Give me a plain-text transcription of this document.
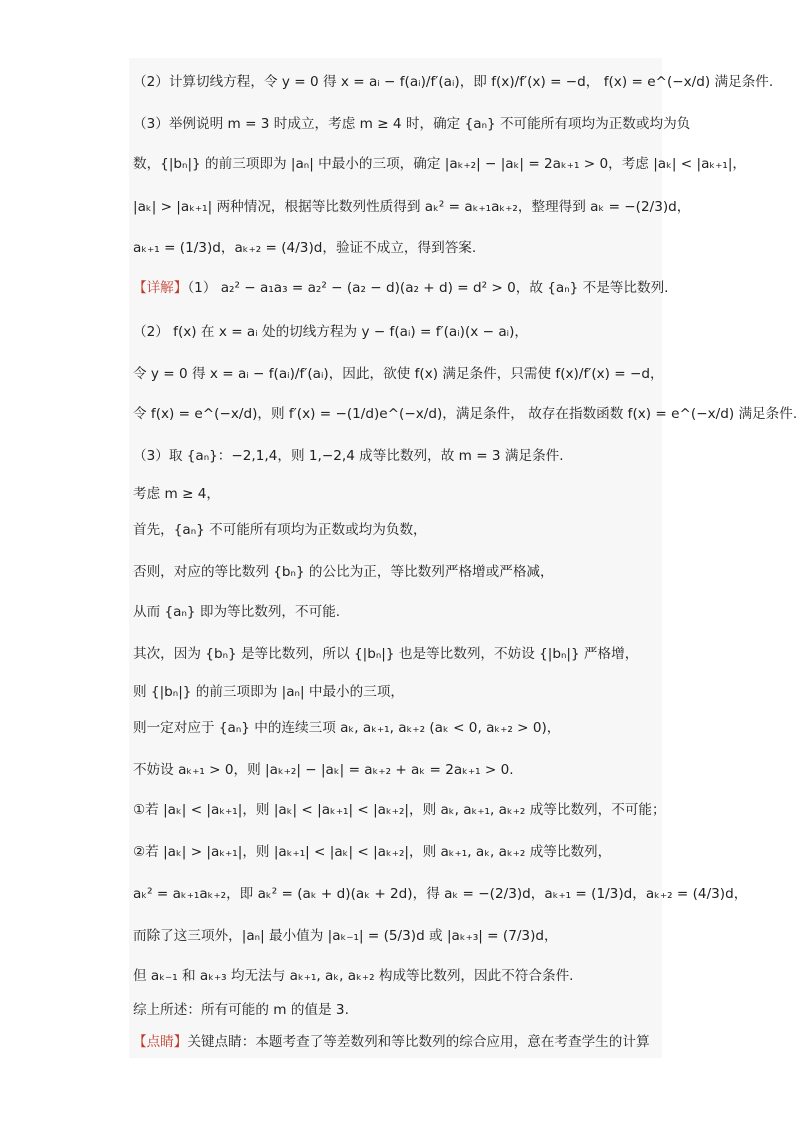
（2）计算切线方程，令 y = 0 得 x = aᵢ − f(aᵢ)/f′(aᵢ)，即 f(x)/f′(x) = −d， f(x) = e^(−x/d) 满足条件.
（3）举例说明 m = 3 时成立，考虑 m ≥ 4 时，确定 {aₙ} 不可能所有项均为正数或均为负
数，{|bₙ|} 的前三项即为 |aₙ| 中最小的三项，确定 |aₖ₊₂| − |aₖ| = 2aₖ₊₁ > 0，考虑 |aₖ| < |aₖ₊₁|，
|aₖ| > |aₖ₊₁| 两种情况，根据等比数列性质得到 aₖ² = aₖ₊₁aₖ₊₂，整理得到 aₖ = −(2/3)d，
aₖ₊₁ = (1/3)d，aₖ₊₂ = (4/3)d，验证不成立，得到答案.
【详解】（1） a₂² − a₁a₃ = a₂² − (a₂ − d)(a₂ + d) = d² > 0，故 {aₙ} 不是等比数列.
（2） f(x) 在 x = aᵢ 处的切线方程为 y − f(aᵢ) = f′(aᵢ)(x − aᵢ)，
令 y = 0 得 x = aᵢ − f(aᵢ)/f′(aᵢ)，因此，欲使 f(x) 满足条件，只需使 f(x)/f′(x) = −d，
令 f(x) = e^(−x/d)，则 f′(x) = −(1/d)e^(−x/d)，满足条件， 故存在指数函数 f(x) = e^(−x/d) 满足条件.
（3）取 {aₙ}：−2,1,4，则 1,−2,4 成等比数列，故 m = 3 满足条件.
考虑 m ≥ 4，
首先，{aₙ} 不可能所有项均为正数或均为负数，
否则，对应的等比数列 {bₙ} 的公比为正，等比数列严格增或严格减，
从而 {aₙ} 即为等比数列，不可能.
其次，因为 {bₙ} 是等比数列，所以 {|bₙ|} 也是等比数列，不妨设 {|bₙ|} 严格增，
则 {|bₙ|} 的前三项即为 |aₙ| 中最小的三项，
则一定对应于 {aₙ} 中的连续三项 aₖ, aₖ₊₁, aₖ₊₂ (aₖ < 0, aₖ₊₂ > 0)，
不妨设 aₖ₊₁ > 0，则 |aₖ₊₂| − |aₖ| = aₖ₊₂ + aₖ = 2aₖ₊₁ > 0.
①若 |aₖ| < |aₖ₊₁|，则 |aₖ| < |aₖ₊₁| < |aₖ₊₂|，则 aₖ, aₖ₊₁, aₖ₊₂ 成等比数列，不可能；
②若 |aₖ| > |aₖ₊₁|，则 |aₖ₊₁| < |aₖ| < |aₖ₊₂|，则 aₖ₊₁, aₖ, aₖ₊₂ 成等比数列，
aₖ² = aₖ₊₁aₖ₊₂，即 aₖ² = (aₖ + d)(aₖ + 2d)，得 aₖ = −(2/3)d，aₖ₊₁ = (1/3)d，aₖ₊₂ = (4/3)d，
而除了这三项外，|aₙ| 最小值为 |aₖ₋₁| = (5/3)d 或 |aₖ₊₃| = (7/3)d，
但 aₖ₋₁ 和 aₖ₊₃ 均无法与 aₖ₊₁, aₖ, aₖ₊₂ 构成等比数列，因此不符合条件.
综上所述：所有可能的 m 的值是 3.
【点睛】关键点睛：本题考查了等差数列和等比数列的综合应用，意在考查学生的计算
